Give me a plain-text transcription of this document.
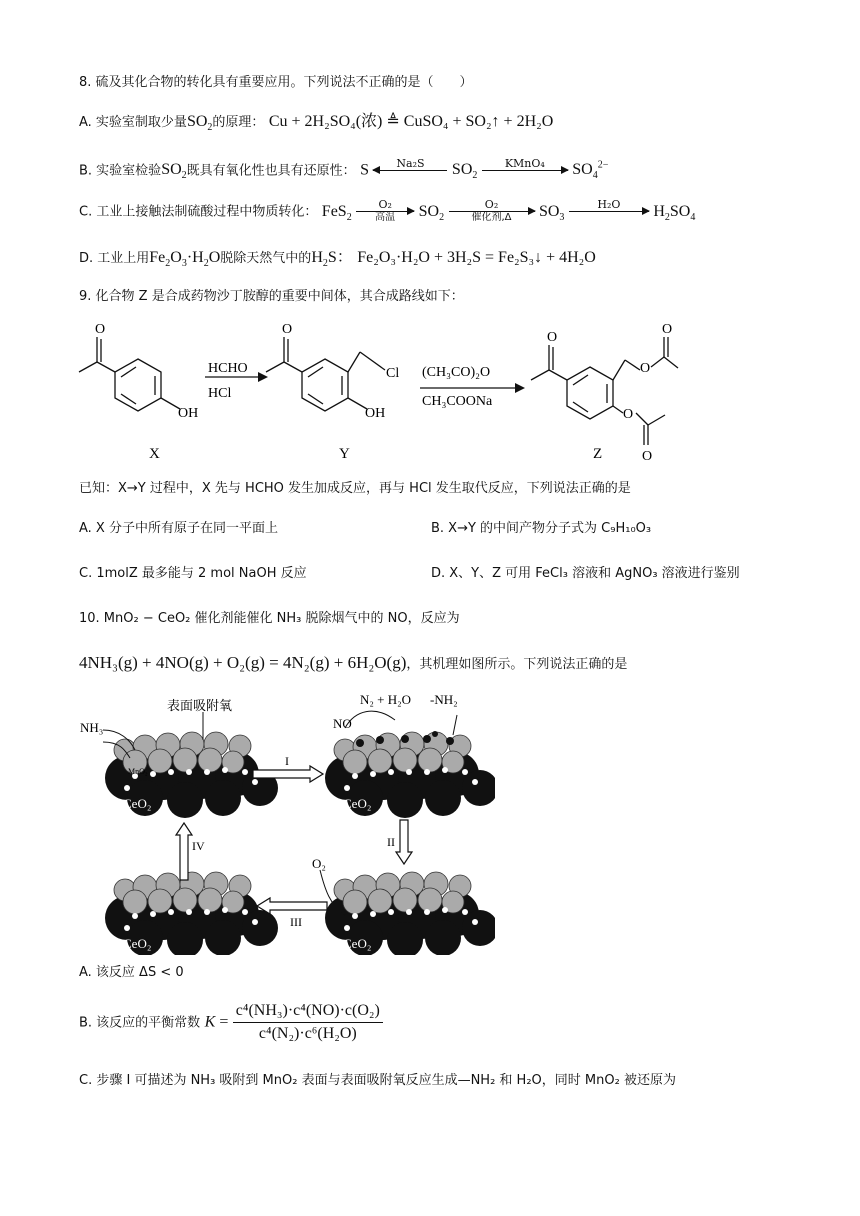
8. 硫及其化合物的转化具有重要应用。下列说法不正确的是（　　）
A. 实验室制取少量$SO_2$的原理： Cu + 2H₂SO₄(浓) ≜ CuSO₄ + SO₂↑ + 2H₂O
B. 实验室检验$SO_2$既具有氧化性也具有还原性： S	Na₂S
	$SO_2$
KMnO₄
	$SO_4^{2-}$
C. 工业上接触法制硫酸过程中物质转化： FeS$_2$
O₂
高温	$SO_2$
O₂
催化剂,Δ	$SO_3$
H₂O
	$H_2SO_4$
D. 工业上用$Fe_2O_3\cdot H_2O$脱除天然气中的$H_2S$： Fe₂O₃·H₂O + 3H₂S = Fe₂S₃↓ + 4H₂O
9. 化合物 Z 是合成药物沙丁胺醇的重要中间体，其合成路线如下：
O
OH
HCHO
HCl
O
OH
Cl (CH₃CO)₂O
CH₃COONa
O
O
O
O
O
X	Y	Z
已知：X→Y 过程中，X 先与 HCHO 发生加成反应，再与 HCl 发生取代反应，下列说法正确的是
A. X 分子中所有原子在同一平面上	B. X→Y 的中间产物分子式为 C₉H₁₀O₃
C. 1molZ 最多能与 2 mol NaOH 反应	D. X、Y、Z 可用 FeCl₃ 溶液和 AgNO₃ 溶液进行鉴别
10. MnO₂ − CeO₂ 催化剂能催化 NH₃ 脱除烟气中的 NO，反应为
4NH₃(g) + 4NO(g) + O₂(g) = 4N₂(g) + 6H₂O(g)，其机理如图所示。下列说法正确的是
表面吸附氧
NH₃	NO
N₂ + H₂O -NH₂
O₂
MnO₂
CeO₂	CeO₂
CeO₂
CeO₂
I
II
III
IV
A. 该反应 ΔS < 0
B. 该反应的平衡常数 $K = \frac{\text{c⁴(NH₃)·c⁴(NO)·c(O₂)}}{\text{c⁴(N₂)·c⁶(H₂O)}}$
C. 步骤 I 可描述为 NH₃ 吸附到 MnO₂ 表面与表面吸附氧反应生成—NH₂ 和 H₂O，同时 MnO₂ 被还原为
